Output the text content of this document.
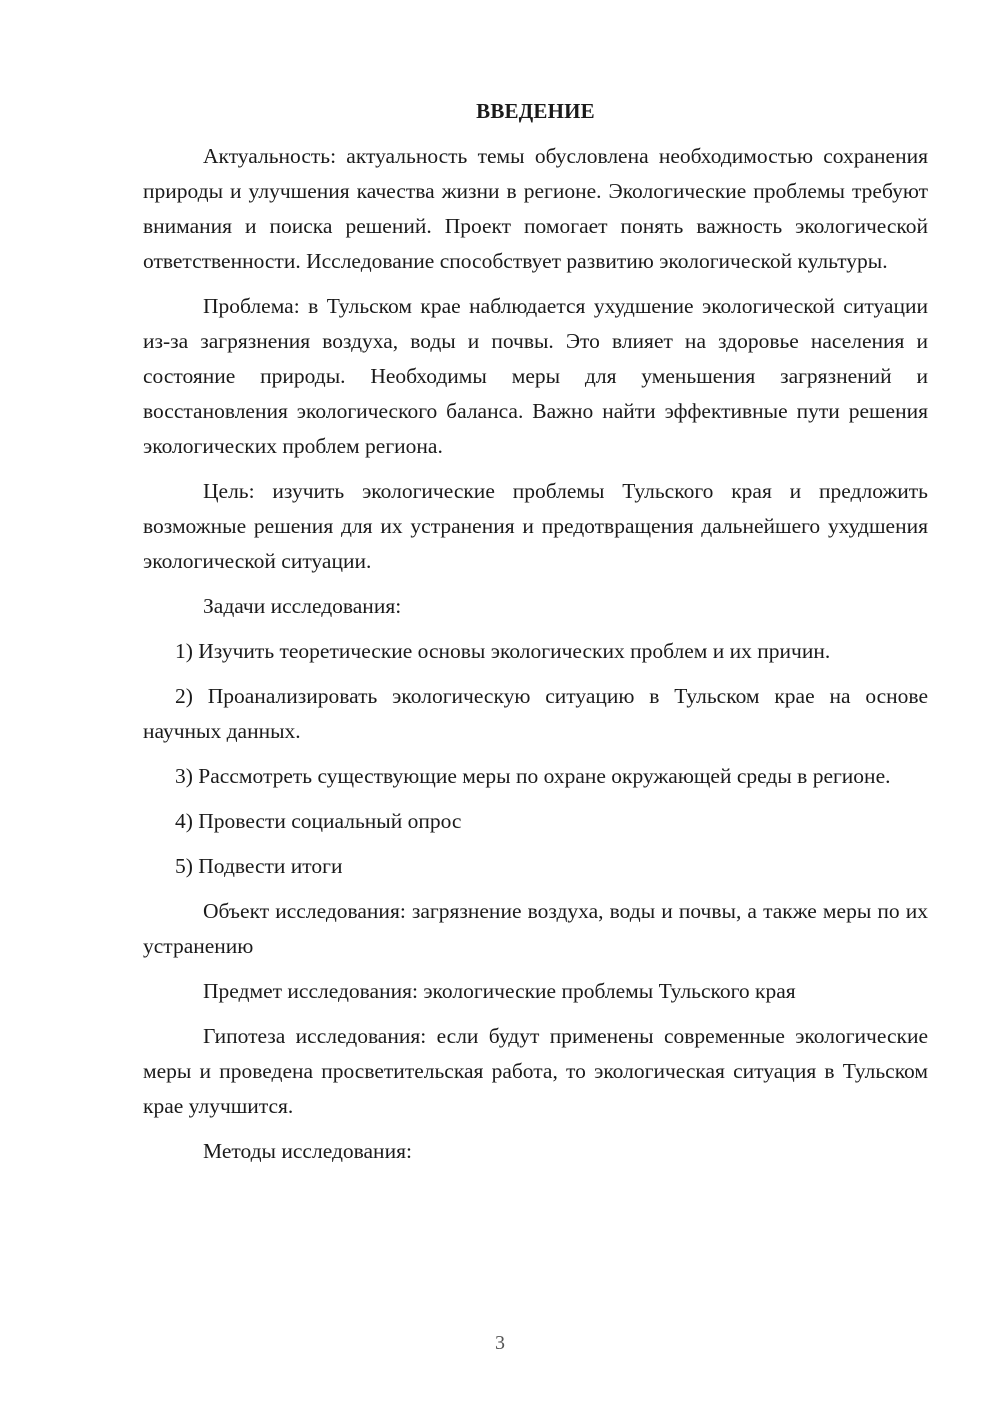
ВВЕДЕНИЕ

Актуальность: актуальность темы обусловлена необходимостью сохранения природы и улучшения качества жизни в регионе. Экологические проблемы требуют внимания и поиска решений. Проект помогает понять важность экологической ответственности. Исследование способствует развитию экологической культуры.

Проблема: в Тульском крае наблюдается ухудшение экологической ситуации из-за загрязнения воздуха, воды и почвы. Это влияет на здоровье населения и состояние природы. Необходимы меры для уменьшения загрязнений и восстановления экологического баланса. Важно найти эффективные пути решения экологических проблем региона.

Цель: изучить экологические проблемы Тульского края и предложить возможные решения для их устранения и предотвращения дальнейшего ухудшения экологической ситуации.

Задачи исследования:

1) Изучить теоретические основы экологических проблем и их причин.

2) Проанализировать экологическую ситуацию в Тульском крае на основе научных данных.

3) Рассмотреть существующие меры по охране окружающей среды в регионе.

4) Провести социальный опрос

5) Подвести итоги

Объект исследования: загрязнение воздуха, воды и почвы, а также меры по их устранению

Предмет исследования: экологические проблемы Тульского края

Гипотеза исследования: если будут применены современные экологические меры и проведена просветительская работа, то экологическая ситуация в Тульском крае улучшится.

Методы исследования:

3
